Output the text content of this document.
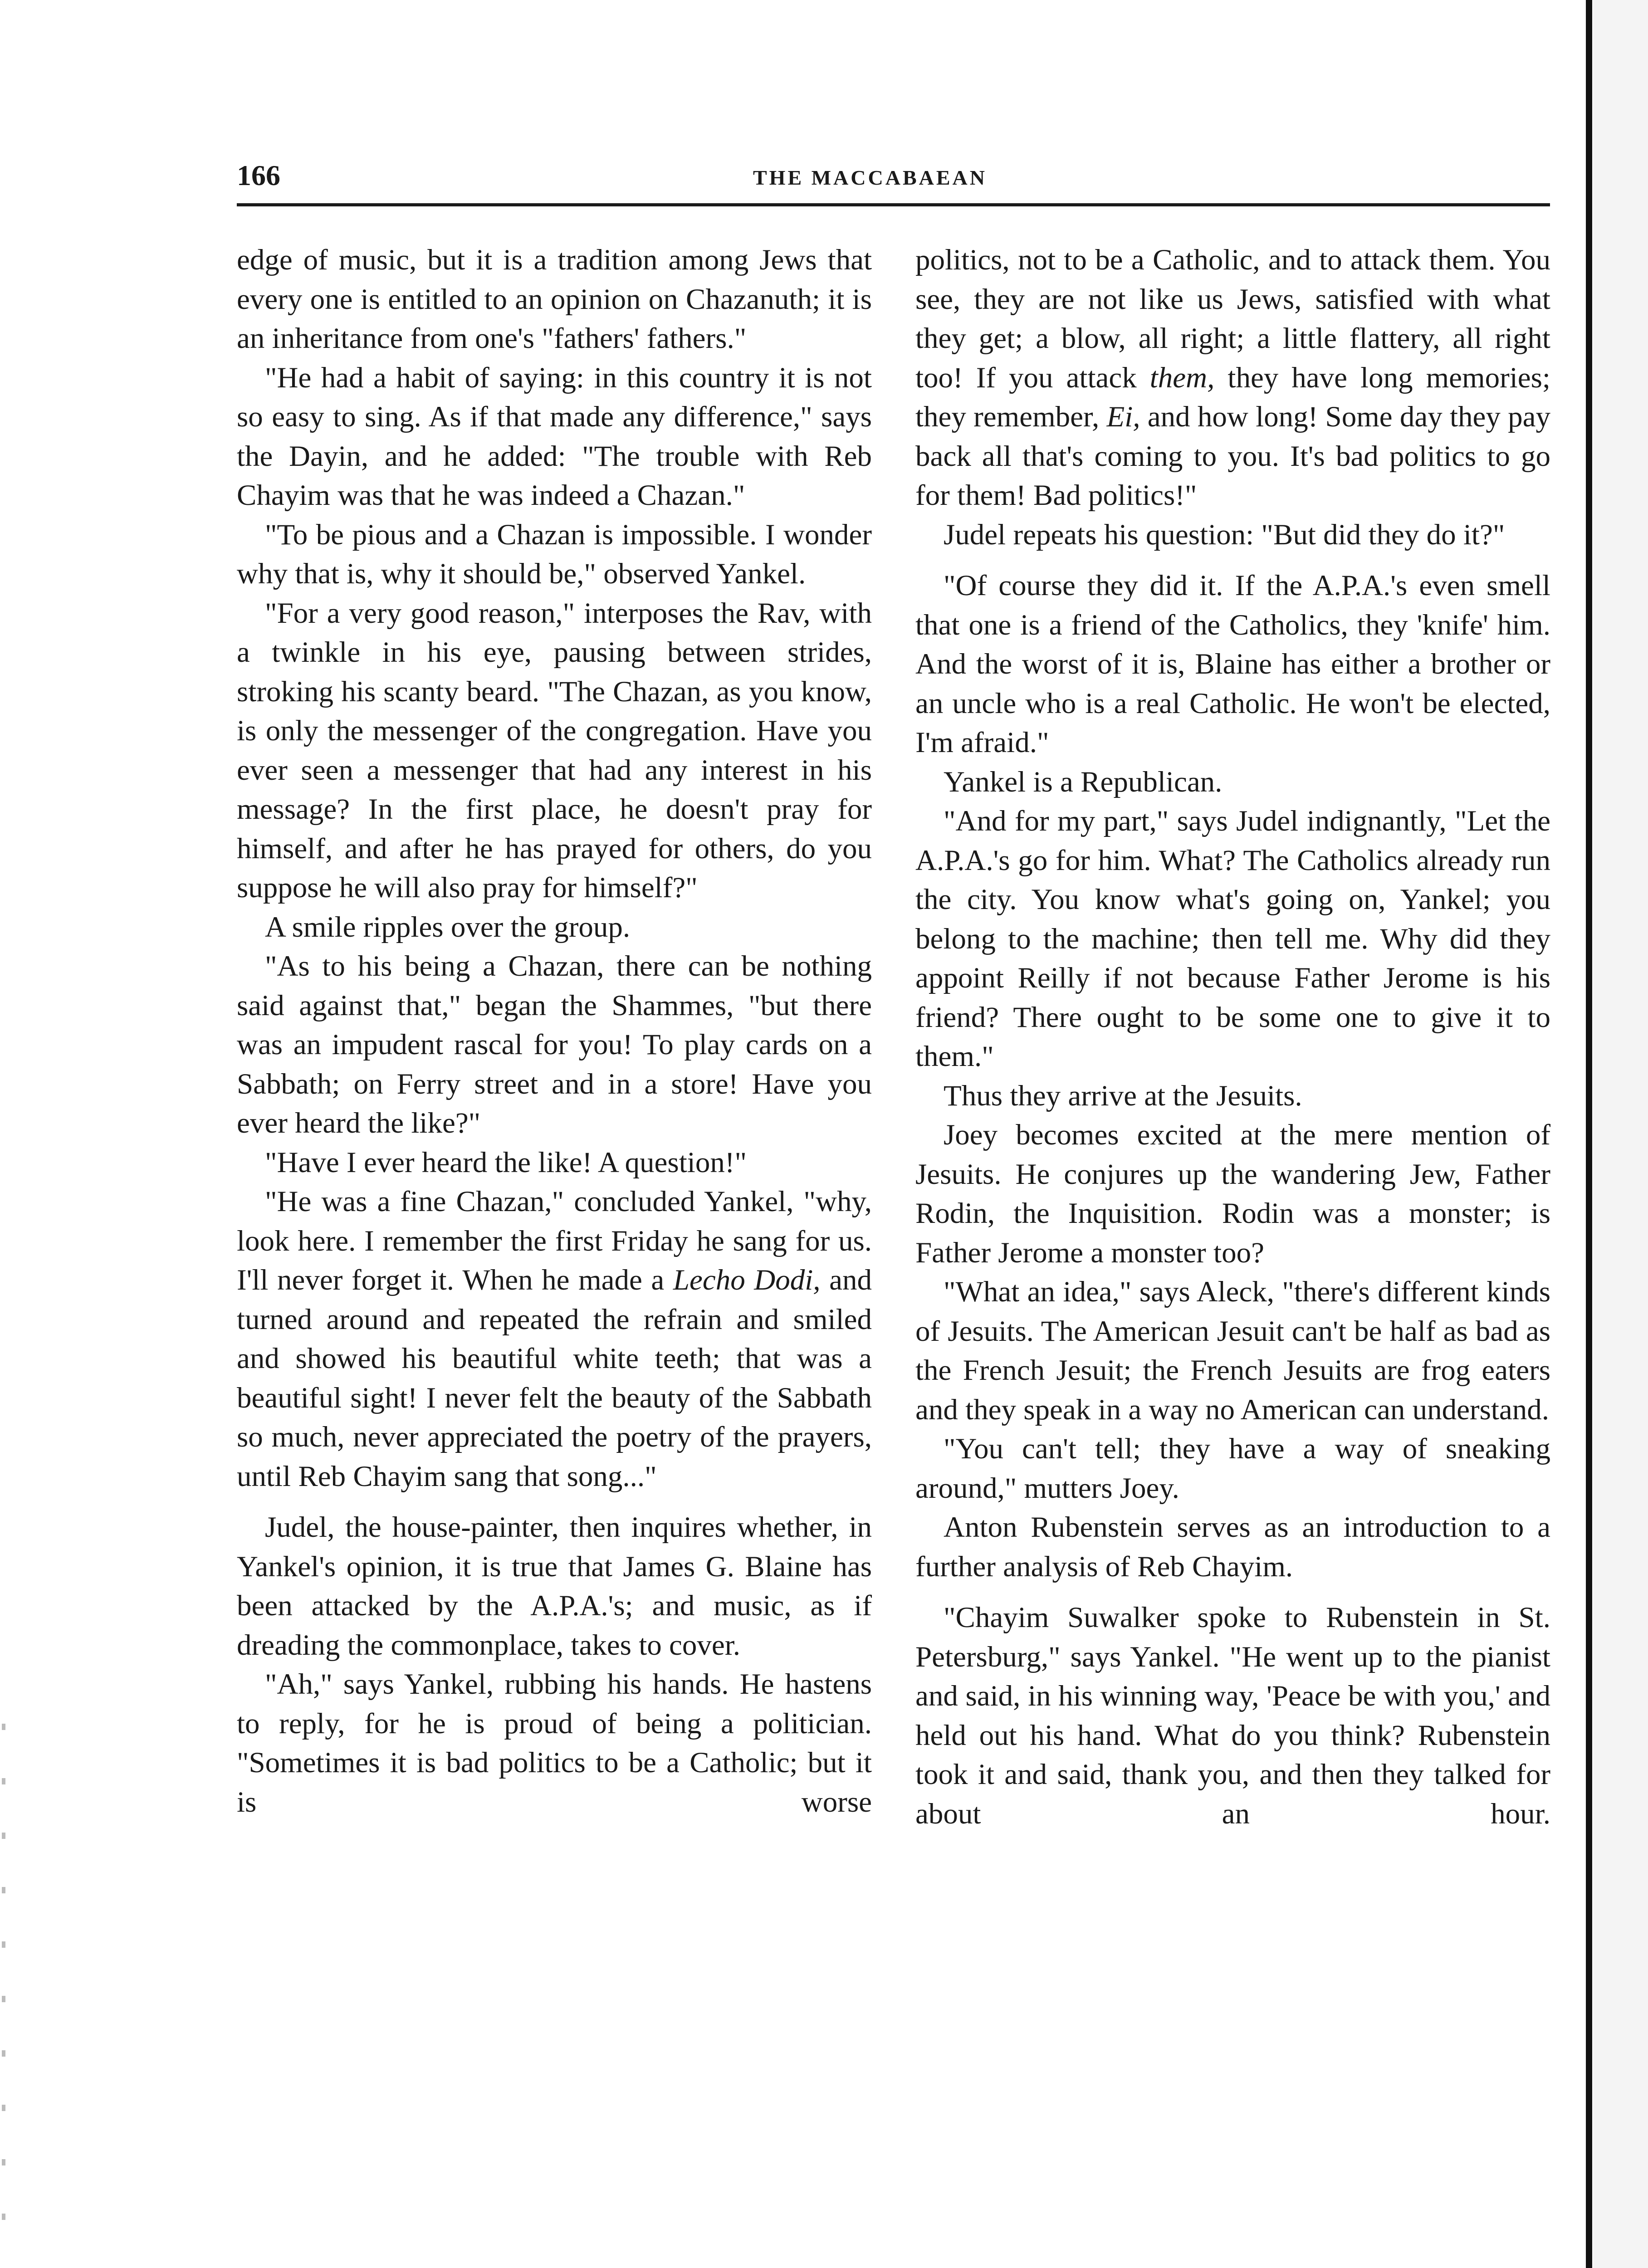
166	THE MACCABAEAN

edge of music, but it is a tradition among Jews that every one is entitled to an opinion on Chazanuth; it is an inheritance from one's "fathers' fathers."

"He had a habit of saying: in this country it is not so easy to sing. As if that made any difference," says the Dayin, and he added: "The trouble with Reb Chayim was that he was indeed a Chazan."

"To be pious and a Chazan is impossible. I wonder why that is, why it should be," observed Yankel.

"For a very good reason," interposes the Rav, with a twinkle in his eye, pausing between strides, stroking his scanty beard. "The Chazan, as you know, is only the messenger of the congregation. Have you ever seen a messenger that had any interest in his message? In the first place, he doesn't pray for himself, and after he has prayed for others, do you suppose he will also pray for himself?"

A smile ripples over the group.

"As to his being a Chazan, there can be nothing said against that," began the Shammes, "but there was an impudent rascal for you! To play cards on a Sabbath; on Ferry street and in a store! Have you ever heard the like?"

"Have I ever heard the like! A question!"

"He was a fine Chazan," concluded Yankel, "why, look here. I remember the first Friday he sang for us. I'll never forget it. When he made a Lecho Dodi, and turned around and repeated the refrain and smiled and showed his beautiful white teeth; that was a beautiful sight! I never felt the beauty of the Sabbath so much, never appreciated the poetry of the prayers, until Reb Chayim sang that song..."

Judel, the house-painter, then inquires whether, in Yankel's opinion, it is true that James G. Blaine has been attacked by the A.P.A.'s; and music, as if dreading the commonplace, takes to cover.

"Ah," says Yankel, rubbing his hands. He hastens to reply, for he is proud of being a politician. "Sometimes it is bad politics to be a Catholic; but it is worse

politics, not to be a Catholic, and to attack them. You see, they are not like us Jews, satisfied with what they get; a blow, all right; a little flattery, all right too! If you attack them, they have long memories; they remember, Ei, and how long! Some day they pay back all that's coming to you. It's bad politics to go for them! Bad politics!"

Judel repeats his question: "But did they do it?"

"Of course they did it. If the A.P.A.'s even smell that one is a friend of the Catholics, they 'knife' him. And the worst of it is, Blaine has either a brother or an uncle who is a real Catholic. He won't be elected, I'm afraid."

Yankel is a Republican.

"And for my part," says Judel indignantly, "Let the A.P.A.'s go for him. What? The Catholics already run the city. You know what's going on, Yankel; you belong to the machine; then tell me. Why did they appoint Reilly if not because Father Jerome is his friend? There ought to be some one to give it to them."

Thus they arrive at the Jesuits.

Joey becomes excited at the mere mention of Jesuits. He conjures up the wandering Jew, Father Rodin, the Inquisition. Rodin was a monster; is Father Jerome a monster too?

"What an idea," says Aleck, "there's different kinds of Jesuits. The American Jesuit can't be half as bad as the French Jesuit; the French Jesuits are frog eaters and they speak in a way no American can understand.

"You can't tell; they have a way of sneaking around," mutters Joey.

Anton Rubenstein serves as an introduction to a further analysis of Reb Chayim.

"Chayim Suwalker spoke to Rubenstein in St. Petersburg," says Yankel. "He went up to the pianist and said, in his winning way, 'Peace be with you,' and held out his hand. What do you think? Rubenstein took it and said, thank you, and then they talked for about an hour.
